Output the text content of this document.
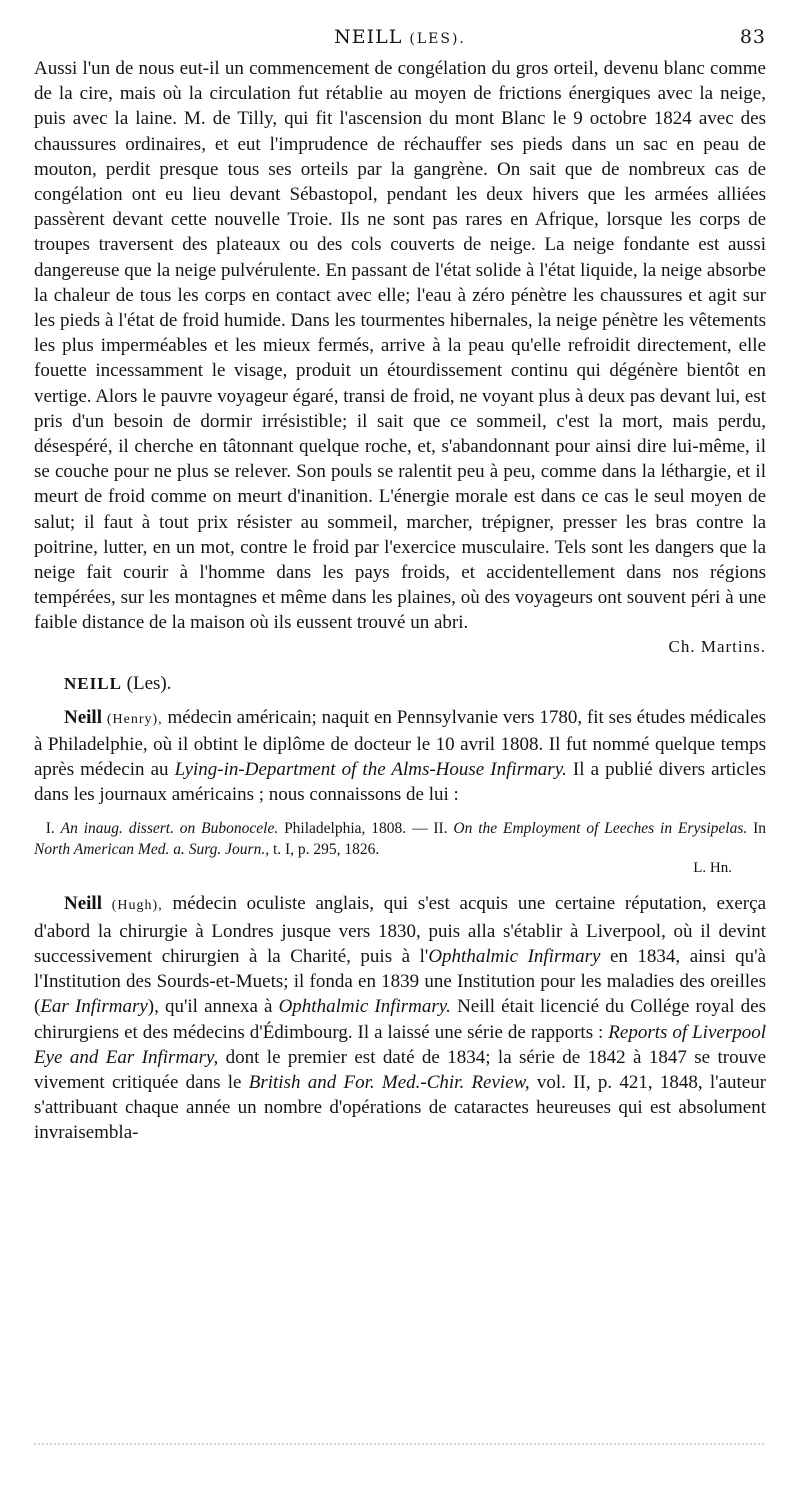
NEILL (LES).	83

Aussi l'un de nous eut-il un commencement de congélation du gros orteil, devenu blanc comme de la cire, mais où la circulation fut rétablie au moyen de frictions énergiques avec la neige, puis avec la laine. M. de Tilly, qui fit l'ascension du mont Blanc le 9 octobre 1824 avec des chaussures ordinaires, et eut l'imprudence de réchauffer ses pieds dans un sac en peau de mouton, perdit presque tous ses orteils par la gangrène. On sait que de nombreux cas de congélation ont eu lieu devant Sébastopol, pendant les deux hivers que les armées alliées passèrent devant cette nouvelle Troie. Ils ne sont pas rares en Afrique, lorsque les corps de troupes traversent des plateaux ou des cols couverts de neige. La neige fondante est aussi dangereuse que la neige pulvérulente. En passant de l'état solide à l'état liquide, la neige absorbe la chaleur de tous les corps en contact avec elle; l'eau à zéro pénètre les chaussures et agit sur les pieds à l'état de froid humide. Dans les tourmentes hibernales, la neige pénètre les vêtements les plus imperméables et les mieux fermés, arrive à la peau qu'elle refroidit directement, elle fouette incessamment le visage, produit un étourdissement continu qui dégénère bientôt en vertige. Alors le pauvre voyageur égaré, transi de froid, ne voyant plus à deux pas devant lui, est pris d'un besoin de dormir irrésistible; il sait que ce sommeil, c'est la mort, mais perdu, désespéré, il cherche en tâtonnant quelque roche, et, s'abandonnant pour ainsi dire lui-même, il se couche pour ne plus se relever. Son pouls se ralentit peu à peu, comme dans la léthargie, et il meurt de froid comme on meurt d'inanition. L'énergie morale est dans ce cas le seul moyen de salut; il faut à tout prix résister au sommeil, marcher, trépigner, presser les bras contre la poitrine, lutter, en un mot, contre le froid par l'exercice musculaire. Tels sont les dangers que la neige fait courir à l'homme dans les pays froids, et accidentellement dans nos régions tempérées, sur les montagnes et même dans les plaines, où des voyageurs ont souvent péri à une faible distance de la maison où ils eussent trouvé un abri.

Ch. Martins.
NEILL (Les).

Neill (Henry), médecin américain; naquit en Pennsylvanie vers 1780, fit ses études médicales à Philadelphie, où il obtint le diplôme de docteur le 10 avril 1808. Il fut nommé quelque temps après médecin au Lying-in-Department of the Alms-House Infirmary. Il a publié divers articles dans les journaux américains ; nous connaissons de lui :

I. An inaug. dissert. on Bubonocele. Philadelphia, 1808. — II. On the Employment of Leeches in Erysipelas. In North American Med. a. Surg. Journ., t. I, p. 295, 1826.

L. Hn.

Neill (Hugh), médecin oculiste anglais, qui s'est acquis une certaine réputation, exerça d'abord la chirurgie à Londres jusque vers 1830, puis alla s'établir à Liverpool, où il devint successivement chirurgien à la Charité, puis à l'Ophthalmic Infirmary en 1834, ainsi qu'à l'Institution des Sourds-et-Muets; il fonda en 1839 une Institution pour les maladies des oreilles (Ear Infirmary), qu'il annexa à Ophthalmic Infirmary. Neill était licencié du Collége royal des chirurgiens et des médecins d'Édimbourg. Il a laissé une série de rapports : Reports of Liverpool Eye and Ear Infirmary, dont le premier est daté de 1834; la série de 1842 à 1847 se trouve vivement critiquée dans le British and For. Med.-Chir. Review, vol. II, p. 421, 1848, l'auteur s'attribuant chaque année un nombre d'opérations de cataractes heureuses qui est absolument invraisembla-
